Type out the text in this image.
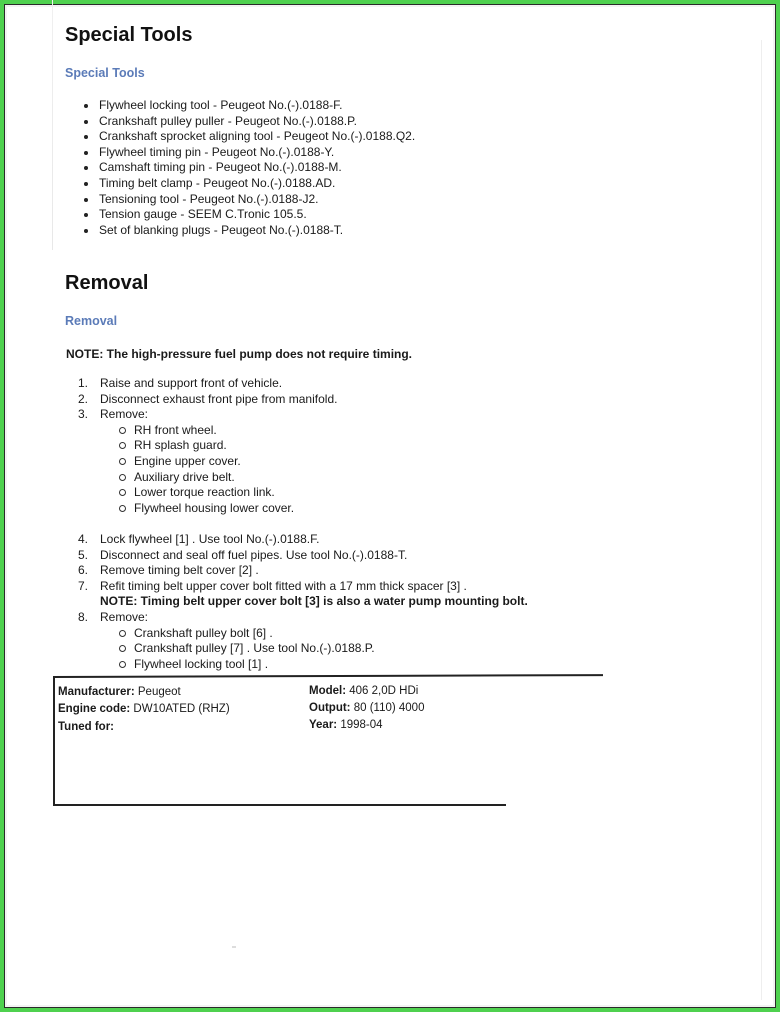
Special Tools
Special Tools
Flywheel locking tool - Peugeot No.(-).0188-F.
Crankshaft pulley puller - Peugeot No.(-).0188.P.
Crankshaft sprocket aligning tool - Peugeot No.(-).0188.Q2.
Flywheel timing pin - Peugeot No.(-).0188-Y.
Camshaft timing pin - Peugeot No.(-).0188-M.
Timing belt clamp - Peugeot No.(-).0188.AD.
Tensioning tool - Peugeot No.(-).0188-J2.
Tension gauge - SEEM C.Tronic 105.5.
Set of blanking plugs - Peugeot No.(-).0188-T.
Removal
Removal

NOTE: The high-pressure fuel pump does not require timing.

1. Raise and support front of vehicle.
2. Disconnect exhaust front pipe from manifold.
3. Remove:
RH front wheel.
RH splash guard.
Engine upper cover.
Auxiliary drive belt.
Lower torque reaction link.
Flywheel housing lower cover.
4. Lock flywheel [1] . Use tool No.(-).0188.F.
5. Disconnect and seal off fuel pipes. Use tool No.(-).0188-T.
6. Remove timing belt cover [2] .
7. Refit timing belt upper cover bolt fitted with a 17 mm thick spacer [3] .
NOTE: Timing belt upper cover bolt [3] is also a water pump mounting bolt.
8. Remove:
Crankshaft pulley bolt [6] .
Crankshaft pulley [7] . Use tool No.(-).0188.P.
Flywheel locking tool [1] .
Manufacturer: Peugeot
Engine code: DW10ATED (RHZ)
Tuned for:
Model: 406 2,0D HDi
Output: 80 (110) 4000
Year: 1998-04
